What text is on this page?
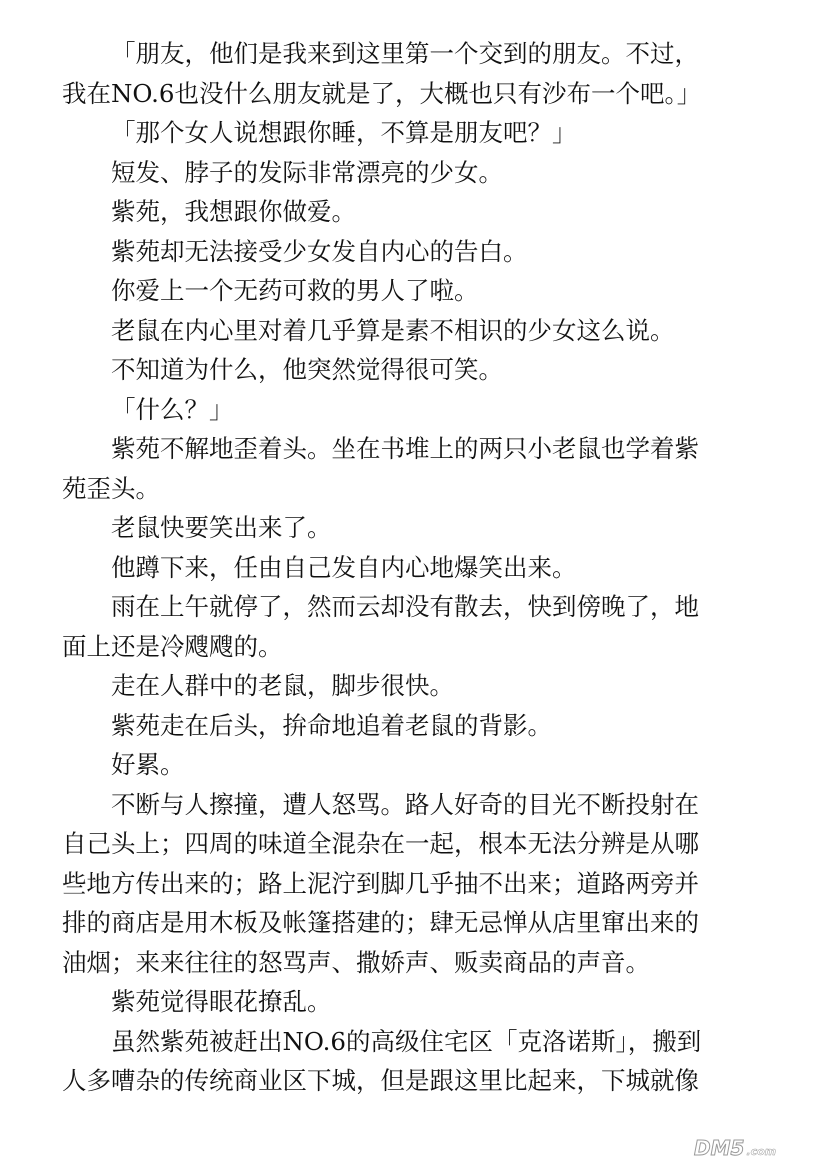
「朋友，他们是我来到这里第一个交到的朋友。不过，
我在NO.6也没什么朋友就是了，大概也只有沙布一个吧。」
「那个女人说想跟你睡，不算是朋友吧？」
短发、脖子的发际非常漂亮的少女。
紫苑，我想跟你做爱。
紫苑却无法接受少女发自内心的告白。
你爱上一个无药可救的男人了啦。
老鼠在内心里对着几乎算是素不相识的少女这么说。
不知道为什么，他突然觉得很可笑。
「什么？」
紫苑不解地歪着头。坐在书堆上的两只小老鼠也学着紫
苑歪头。
老鼠快要笑出来了。
他蹲下来，任由自己发自内心地爆笑出来。
雨在上午就停了，然而云却没有散去，快到傍晚了，地
面上还是冷飕飕的。
走在人群中的老鼠，脚步很快。
紫苑走在后头，拚命地追着老鼠的背影。
好累。
不断与人擦撞，遭人怒骂。路人好奇的目光不断投射在
自己头上；四周的味道全混杂在一起，根本无法分辨是从哪
些地方传出来的；路上泥泞到脚几乎抽不出来；道路两旁并
排的商店是用木板及帐篷搭建的；肆无忌惮从店里窜出来的
油烟；来来往往的怒骂声、撒娇声、贩卖商品的声音。
紫苑觉得眼花撩乱。
虽然紫苑被赶出NO.6的高级住宅区「克洛诺斯」，搬到
人多嘈杂的传统商业区下城，但是跟这里比起来，下城就像
DM5 .com
